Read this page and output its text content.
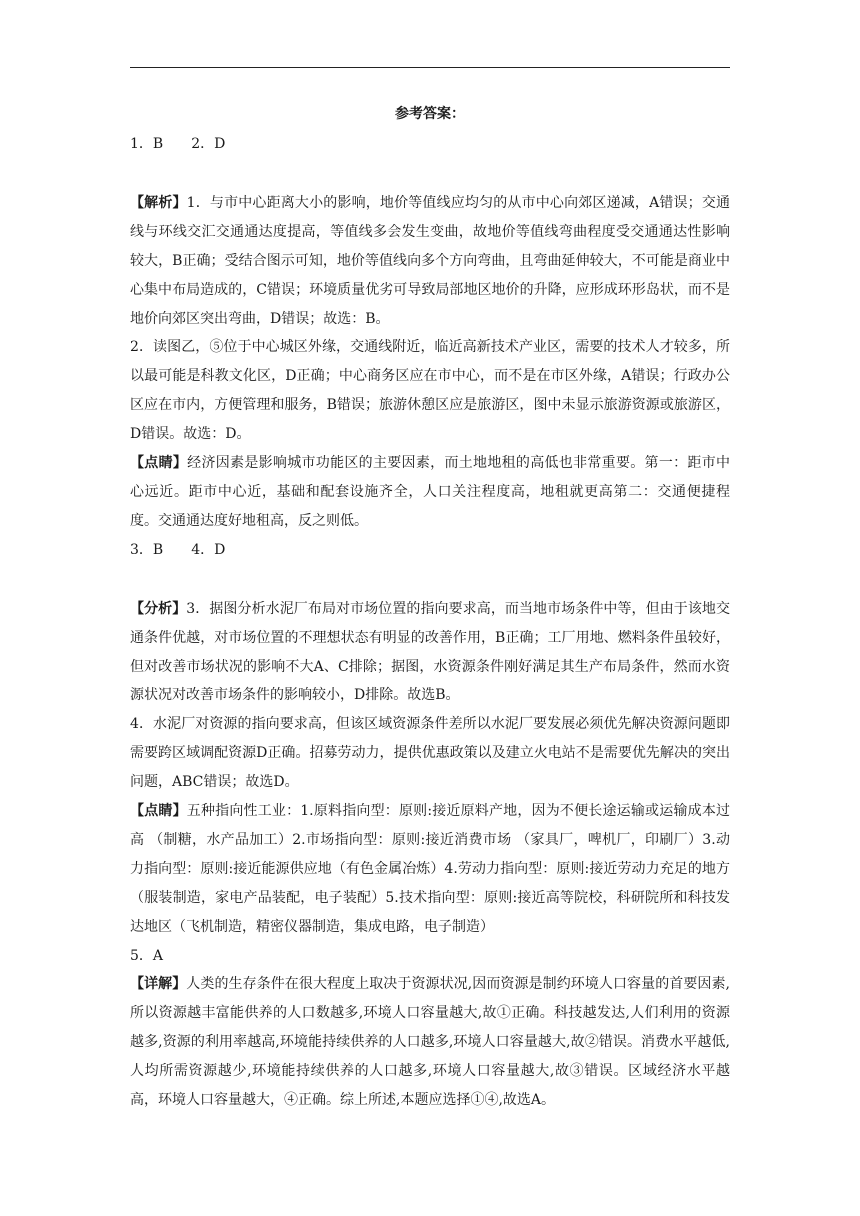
参考答案：
1．B　　2．D

【解析】1．与市中心距离大小的影响，地价等值线应均匀的从市中心向郊区递减，A错误；交通线与环线交汇交通通达度提高，等值线多会发生变曲，故地价等值线弯曲程度受交通通达性影响较大，B正确；受结合图示可知，地价等值线向多个方向弯曲，且弯曲延伸较大，不可能是商业中心集中布局造成的，C错误；环境质量优劣可导致局部地区地价的升降，应形成环形岛状，而不是地价向郊区突出弯曲，D错误；故选：B。

2．读图乙，⑤位于中心城区外缘，交通线附近，临近高新技术产业区，需要的技术人才较多，所以最可能是科教文化区，D正确；中心商务区应在市中心，而不是在市区外缘，A错误；行政办公区应在市内，方便管理和服务，B错误；旅游休憩区应是旅游区，图中未显示旅游资源或旅游区，D错误。故选：D。

【点睛】经济因素是影响城市功能区的主要因素，而土地地租的高低也非常重要。第一：距市中心远近。距市中心近，基础和配套设施齐全，人口关注程度高，地租就更高第二：交通便捷程度。交通通达度好地租高，反之则低。

3．B　　4．D

【分析】3．据图分析水泥厂布局对市场位置的指向要求高，而当地市场条件中等，但由于该地交通条件优越，对市场位置的不理想状态有明显的改善作用，B正确；工厂用地、燃料条件虽较好，但对改善市场状况的影响不大A、C排除；据图，水资源条件刚好满足其生产布局条件，然而水资源状况对改善市场条件的影响较小，D排除。故选B。

4．水泥厂对资源的指向要求高，但该区域资源条件差所以水泥厂要发展必须优先解决资源问题即需要跨区域调配资源D正确。招募劳动力，提供优惠政策以及建立火电站不是需要优先解决的突出问题，ABC错误；故选D。

【点睛】五种指向性工业：1.原料指向型：原则:接近原料产地，因为不便长途运输或运输成本过高 （制糖，水产品加工）2.市场指向型：原则:接近消费市场 （家具厂，啤机厂，印刷厂）3.动力指向型：原则:接近能源供应地（有色金属冶炼）4.劳动力指向型：原则:接近劳动力充足的地方（服装制造，家电产品装配，电子装配）5.技术指向型：原则:接近高等院校，科研院所和科技发达地区（飞机制造，精密仪器制造，集成电路，电子制造）

5．A

【详解】人类的生存条件在很大程度上取决于资源状况,因而资源是制约环境人口容量的首要因素,所以资源越丰富能供养的人口数越多,环境人口容量越大,故①正确。科技越发达,人们利用的资源越多,资源的利用率越高,环境能持续供养的人口越多,环境人口容量越大,故②错误。消费水平越低,人均所需资源越少,环境能持续供养的人口越多,环境人口容量越大,故③错误。区域经济水平越高，环境人口容量越大，④正确。综上所述,本题应选择①④,故选A。
